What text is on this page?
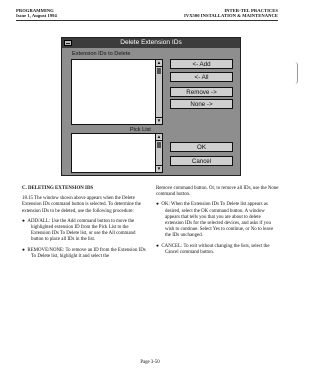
PROGRAMMING
Issue 1, August 1994
INTER-TEL PRACTICES
IVX500 INSTALLATION & MAINTENANCE
Delete Extension IDs
Extension IDs to Delete
▲
▼
Pick List
▲
▼
<- Add
<- All
Remove ->
None ->
OK
Cancel

C. DELETING EXTENSION IDS

18.15 The window shown above appears when the Delete Extension IDs command button is selected. To determine the extension IDs to be deleted, use the following procedure:

●  ADD/ALL: Use the Add command button to move the highlighted extension ID from the Pick List to the Extension IDs To Delete list, or use the All command button to place all IDs in the list.

●  REMOVE/NONE: To remove an ID from the Extension IDs To Delete list, highlight it and select the

Remove command button. Or, to remove all IDs, use the None command button.

●  OK: When the Extension IDs To Delete list appears as desired, select the OK command button. A window appears that tells you that you are about to delete extension IDs for the selected devices, and asks if you wish to continue. Select Yes to continue, or No to leave the IDs unchanged.

●  CANCEL: To exit without changing the lists, select the Cancel command button.

Page 3-50
